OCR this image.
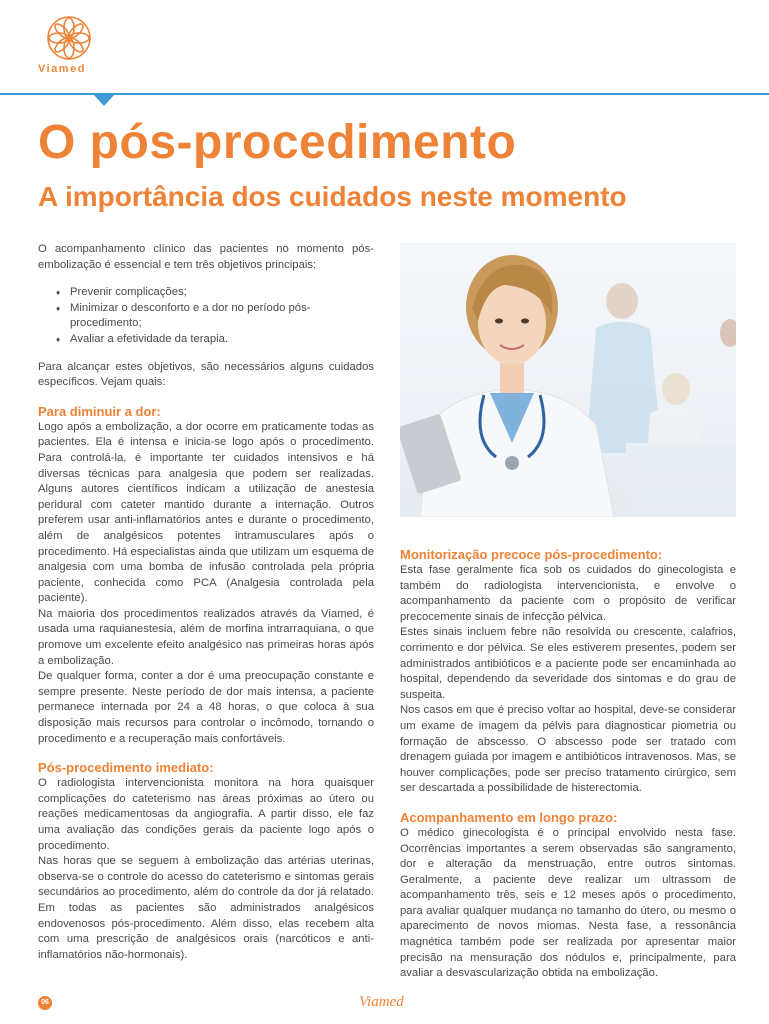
Viamed
O pós-procedimento
A importância dos cuidados neste momento

O acompanhamento clínico das pacientes no momento pós-embolização é essencial e tem três objetivos principais:

♦ Prevenir complicações;
♦ Minimizar o desconforto e a dor no período pós-procedimento;
♦ Avaliar a efetividade da terapia.

Para alcançar estes objetivos, são necessários alguns cuidados específicos. Vejam quais:

Para diminuir a dor:

Logo após a embolização, a dor ocorre em praticamente todas as pacientes. Ela é intensa e inicia-se logo após o procedimento. Para controlá-la, é importante ter cuidados intensivos e há diversas técnicas para analgesia que podem ser realizadas. Alguns autores científicos indicam a utilização de anestesia peridural com cateter mantido durante a internação. Outros preferem usar anti-inflamatórios antes e durante o procedimento, além de analgésicos potentes intramusculares após o procedimento. Há especialistas ainda que utilizam um esquema de analgesia com uma bomba de infusão controlada pela própria paciente, conhecida como PCA (Analgesia controlada pela paciente).

Na maioria dos procedimentos realizados através da Viamed, é usada uma raquianestesia, além de morfina intrarraquiana, o que promove um excelente efeito analgésico nas primeiras horas após a embolização.

De qualquer forma, conter a dor é uma preocupação constante e sempre presente. Neste período de dor mais intensa, a paciente permanece internada por 24 a 48 horas, o que coloca à sua disposição mais recursos para controlar o incômodo, tornando o procedimento e a recuperação mais confortáveis.

Pós-procedimento imediato:

O radiologista intervencionista monitora na hora quaisquer complicações do cateterismo nas áreas próximas ao útero ou reações medicamentosas da angiografia. A partir disso, ele faz uma avaliação das condições gerais da paciente logo após o procedimento.

Nas horas que se seguem à embolização das artérias uterinas, observa-se o controle do acesso do cateterismo e sintomas gerais secundários ao procedimento, além do controle da dor já relatado. Em todas as pacientes são administrados analgésicos endovenosos pós-procedimento. Além disso, elas recebem alta com uma prescrição de analgésicos orais (narcóticos e anti-inflamatórios não-hormonais).

Monitorização precoce pós-procedimento:

Esta fase geralmente fica sob os cuidados do ginecologista e também do radiologista intervencionista, e envolve o acompanhamento da paciente com o propósito de verificar precocemente sinais de infecção pélvica.

Estes sinais incluem febre não resolvida ou crescente, calafrios, corrimento e dor pélvica. Se eles estiverem presentes, podem ser administrados antibióticos e a paciente pode ser encaminhada ao hospital, dependendo da severidade dos sintomas e do grau de suspeita.

Nos casos em que é preciso voltar ao hospital, deve-se considerar um exame de imagem da pélvis para diagnosticar piometria ou formação de abscesso. O abscesso pode ser tratado com drenagem guiada por imagem e antibióticos intravenosos. Mas, se houver complicações, pode ser preciso tratamento cirúrgico, sem ser descartada a possibilidade de histerectomia.

Acompanhamento em longo prazo:

O médico ginecologista é o principal envolvido nesta fase. Ocorrências importantes a serem observadas são sangramento, dor e alteração da menstruação, entre outros sintomas. Geralmente, a paciente deve realizar um ultrassom de acompanhamento três, seis e 12 meses após o procedimento, para avaliar qualquer mudança no tamanho do útero, ou mesmo o aparecimento de novos miomas. Nesta fase, a ressonância magnética também pode ser realizada por apresentar maior precisão na mensuração dos nódulos e, principalmente, para avaliar a desvascularização obtida na embolização.

06	Viamed
